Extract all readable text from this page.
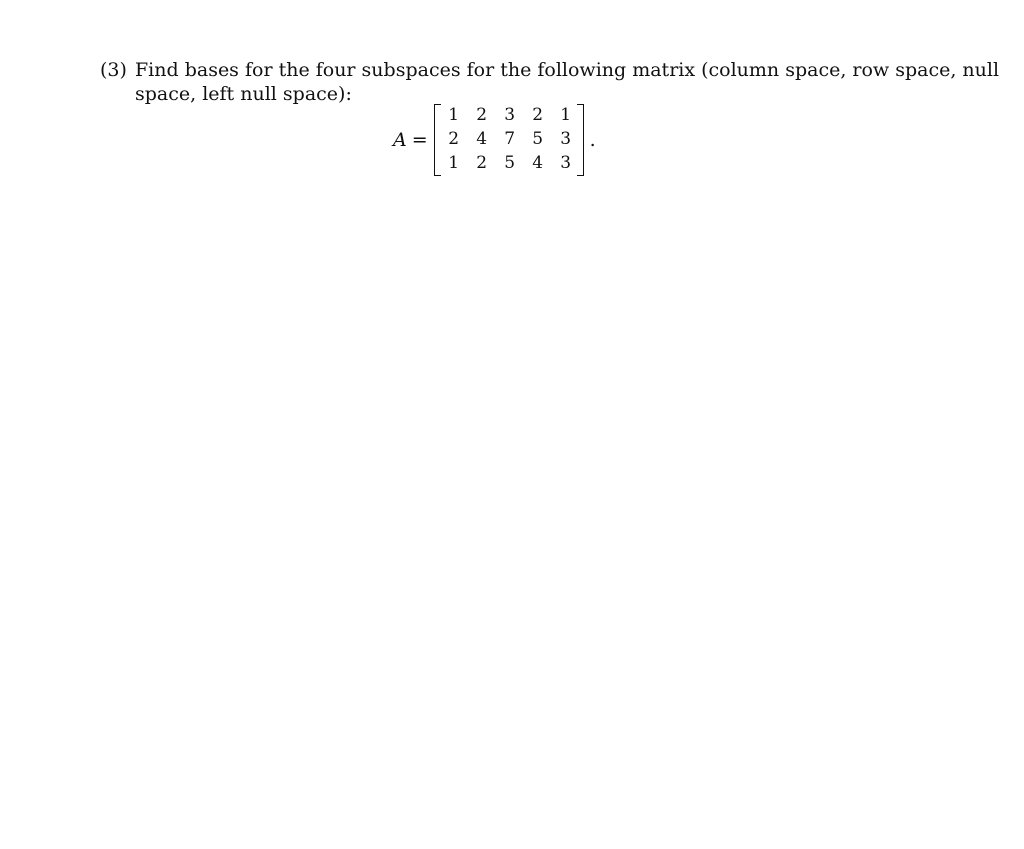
(3) Find bases for the four subspaces for the following matrix (column space, row space, null
space, left null space):
A =
1	2	3	2	1
2	4	7	5	3
1	2	5	4	3
.
